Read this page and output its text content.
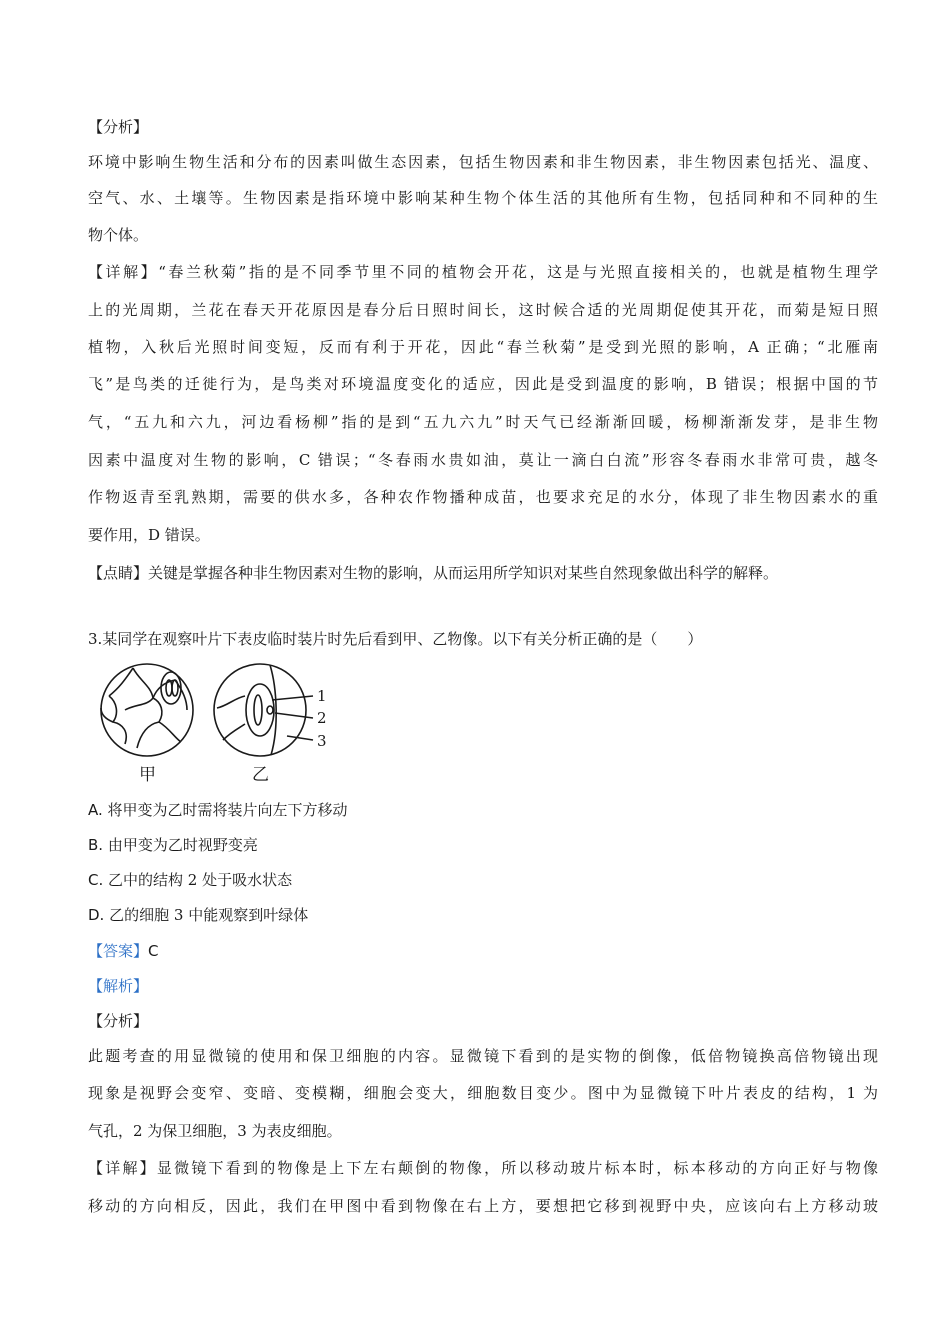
【分析】
环境中影响生物生活和分布的因素叫做生态因素，包括生物因素和非生物因素，非生物因素包括光、温度、
空气、水、土壤等。生物因素是指环境中影响某种生物个体生活的其他所有生物，包括同种和不同种的生
物个体。
【详解】“春兰秋菊”指的是不同季节里不同的植物会开花，这是与光照直接相关的，也就是植物生理学
上的光周期，兰花在春天开花原因是春分后日照时间长，这时候合适的光周期促使其开花，而菊是短日照
植物，入秋后光照时间变短，反而有利于开花，因此“春兰秋菊”是受到光照的影响，A 正确；“北雁南
飞”是鸟类的迁徙行为，是鸟类对环境温度变化的适应，因此是受到温度的影响，B 错误；根据中国的节
气，“五九和六九，河边看杨柳”指的是到“五九六九”时天气已经渐渐回暖，杨柳渐渐发芽，是非生物
因素中温度对生物的影响，C 错误；“冬春雨水贵如油，莫让一滴白白流”形容冬春雨水非常可贵，越冬
作物返青至乳熟期，需要的供水多，各种农作物播种成苗，也要求充足的水分，体现了非生物因素水的重
要作用，D 错误。
【点睛】关键是掌握各种非生物因素对生物的影响，从而运用所学知识对某些自然现象做出科学的解释。
3.某同学在观察叶片下表皮临时装片时先后看到甲、乙物像。以下有关分析正确的是（　　）
1
2
3
甲	乙
A. 将甲变为乙时需将装片向左下方移动
B. 由甲变为乙时视野变亮
C. 乙中的结构 2 处于吸水状态
D. 乙的细胞 3 中能观察到叶绿体
【答案】C
【解析】
【分析】
此题考查的用显微镜的使用和保卫细胞的内容。显微镜下看到的是实物的倒像，低倍物镜换高倍物镜出现
现象是视野会变窄、变暗、变模糊，细胞会变大，细胞数目变少。图中为显微镜下叶片表皮的结构，1 为
气孔，2 为保卫细胞，3 为表皮细胞。
【详解】显微镜下看到的物像是上下左右颠倒的物像，所以移动玻片标本时，标本移动的方向正好与物像
移动的方向相反，因此，我们在甲图中看到物像在右上方，要想把它移到视野中央，应该向右上方移动玻
